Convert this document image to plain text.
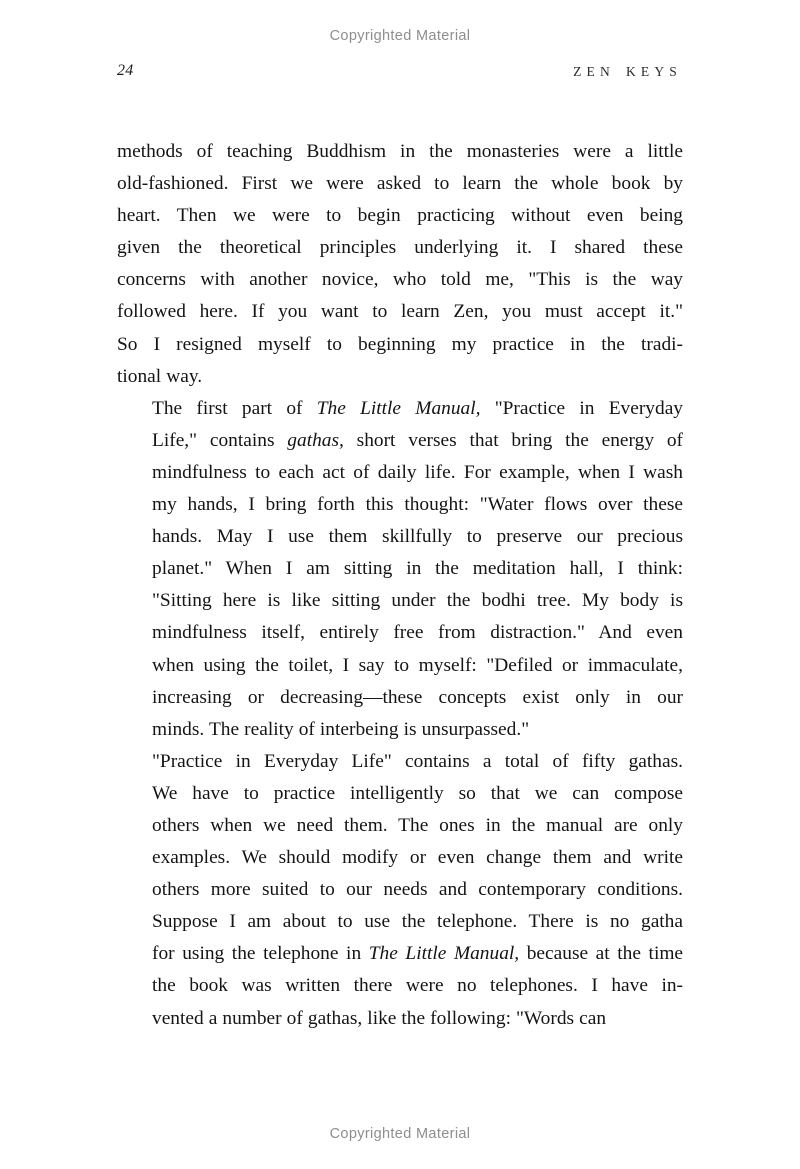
Copyrighted Material
24	ZEN KEYS

methods of teaching Buddhism in the monasteries were a little
old-fashioned. First we were asked to learn the whole book by
heart. Then we were to begin practicing without even being
given the theoretical principles underlying it. I shared these
concerns with another novice, who told me, "This is the way
followed here. If you want to learn Zen, you must accept it."
So I resigned myself to beginning my practice in the tradi-
tional way.

The first part of The Little Manual, "Practice in Everyday
Life," contains gathas, short verses that bring the energy of
mindfulness to each act of daily life. For example, when I wash
my hands, I bring forth this thought: "Water flows over these
hands. May I use them skillfully to preserve our precious
planet." When I am sitting in the meditation hall, I think:
"Sitting here is like sitting under the bodhi tree. My body is
mindfulness itself, entirely free from distraction." And even
when using the toilet, I say to myself: "Defiled or immaculate,
increasing or decreasing—these concepts exist only in our
minds. The reality of interbeing is unsurpassed."

"Practice in Everyday Life" contains a total of fifty gathas.
We have to practice intelligently so that we can compose
others when we need them. The ones in the manual are only
examples. We should modify or even change them and write
others more suited to our needs and contemporary conditions.
Suppose I am about to use the telephone. There is no gatha
for using the telephone in The Little Manual, because at the time
the book was written there were no telephones. I have in-
vented a number of gathas, like the following: "Words can

Copyrighted Material
